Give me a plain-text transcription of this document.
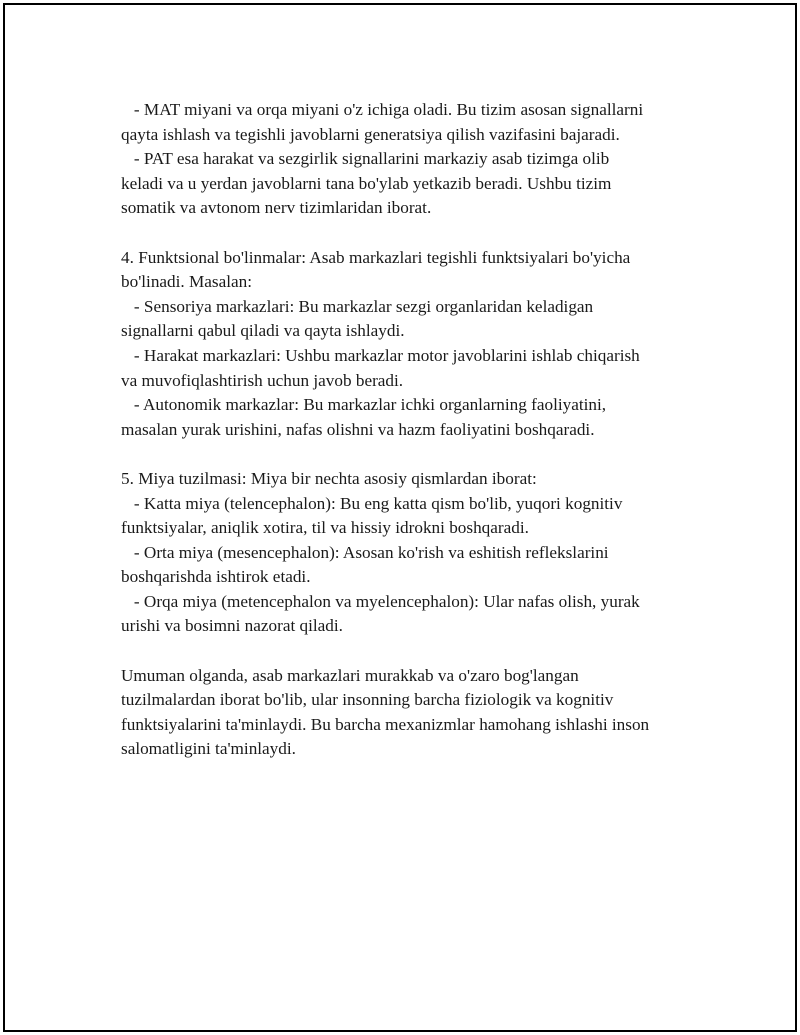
- MAT miyani va orqa miyani o'z ichiga oladi. Bu tizim asosan signallarni
qayta ishlash va tegishli javoblarni generatsiya qilish vazifasini bajaradi.
- PAT esa harakat va sezgirlik signallarini markaziy asab tizimga olib
keladi va u yerdan javoblarni tana bo'ylab yetkazib beradi. Ushbu tizim
somatik va avtonom nerv tizimlaridan iborat.
4. Funktsional bo'linmalar: Asab markazlari tegishli funktsiyalari bo'yicha
bo'linadi. Masalan:
- Sensoriya markazlari: Bu markazlar sezgi organlaridan keladigan
signallarni qabul qiladi va qayta ishlaydi.
- Harakat markazlari: Ushbu markazlar motor javoblarini ishlab chiqarish
va muvofiqlashtirish uchun javob beradi.
- Autonomik markazlar: Bu markazlar ichki organlarning faoliyatini,
masalan yurak urishini, nafas olishni va hazm faoliyatini boshqaradi.
5. Miya tuzilmasi: Miya bir nechta asosiy qismlardan iborat:
- Katta miya (telencephalon): Bu eng katta qism bo'lib, yuqori kognitiv
funktsiyalar, aniqlik xotira, til va hissiy idrokni boshqaradi.
- Orta miya (mesencephalon): Asosan ko'rish va eshitish reflekslarini
boshqarishda ishtirok etadi.
- Orqa miya (metencephalon va myelencephalon): Ular nafas olish, yurak
urishi va bosimni nazorat qiladi.
Umuman olganda, asab markazlari murakkab va o'zaro bog'langan
tuzilmalardan iborat bo'lib, ular insonning barcha fiziologik va kognitiv
funktsiyalarini ta'minlaydi. Bu barcha mexanizmlar hamohang ishlashi inson
salomatligini ta'minlaydi.
